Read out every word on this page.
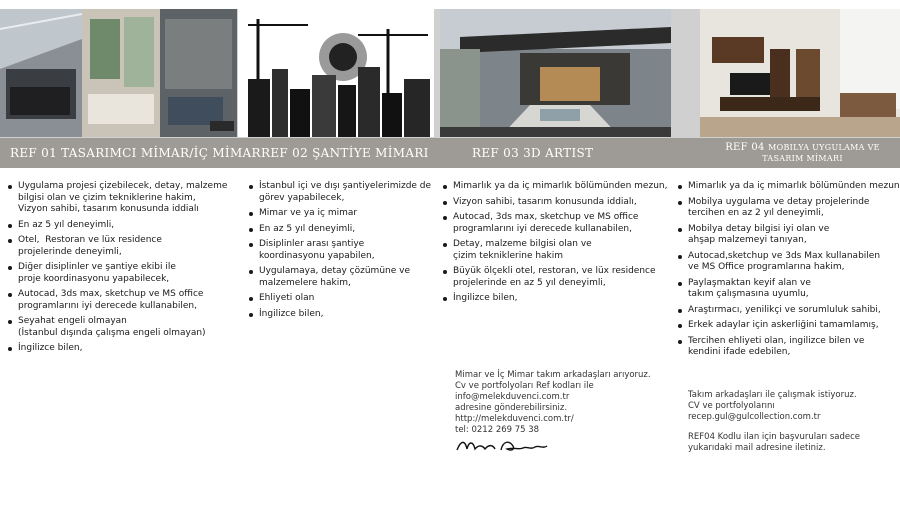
REF 01 TASARIMCI MİMAR/İÇ MİMAR REF 02 ŞANTİYE MİMARI	REF 03 3D ARTIST	REF 04 MOBILYA UYGULAMA VE
TASARIM MİMARI
Uygulama projesi çizebilecek, detay, malzeme
bilgisi olan ve çizim tekniklerine hakim,
Vizyon sahibi, tasarım konusunda iddialı
En az 5 yıl deneyimli,
Otel,  Restoran ve lüx residence
projelerinde deneyimli,
Diğer disiplinler ve şantiye ekibi ile
proje koordinasyonu yapabilecek,
Autocad, 3ds max, sketchup ve MS office
programlarını iyi derecede kullanabilen,
Seyahat engeli olmayan
(İstanbul dışında çalışma engeli olmayan)
İngilizce bilen,
İstanbul içi ve dışı şantiyelerimizde de
görev yapabilecek,
Mimar ve ya iç mimar
En az 5 yıl deneyimli,
Disiplinler arası şantiye
koordinasyonu yapabilen,
Uygulamaya, detay çözümüne ve
malzemelere hakim,
Ehliyeti olan
İngilizce bilen,
Mimarlık ya da iç mimarlık bölümünden mezun,
Vizyon sahibi, tasarım konusunda iddialı,
Autocad, 3ds max, sketchup ve MS office
programlarını iyi derecede kullanabilen,
Detay, malzeme bilgisi olan ve
çizim tekniklerine hakim
Büyük ölçekli otel, restoran, ve lüx residence
projelerinde en az 5 yıl deneyimli,
İngilizce bilen,
Mimarlık ya da iç mimarlık bölümünden mezun
Mobilya uygulama ve detay projelerinde
tercihen en az 2 yıl deneyimli,
Mobilya detay bilgisi iyi olan ve
ahşap malzemeyi tanıyan,
Autocad,sketchup ve 3ds Max kullanabilen
ve MS Office programlarına hakim,
Paylaşmaktan keyif alan ve
takım çalışmasına uyumlu,
Araştırmacı, yenilikçi ve sorumluluk sahibi,
Erkek adaylar için askerliğini tamamlamış,
Tercihen ehliyeti olan, ingilizce bilen ve
kendini ifade edebilen,
Mimar ve İç Mimar takım arkadaşları arıyoruz.
Cv ve portfolyoları Ref kodları ile
info@melekduvenci.com.tr
adresine gönderebilirsiniz.
http://melekduvenci.com.tr/
tel: 0212 269 75 38
Takım arkadaşları ile çalışmak istiyoruz.
CV ve portfolyolarını
recep.gul@gulcollection.com.tr
REF04 Kodlu ilan için başvuruları sadece
yukarıdaki mail adresine iletiniz.
